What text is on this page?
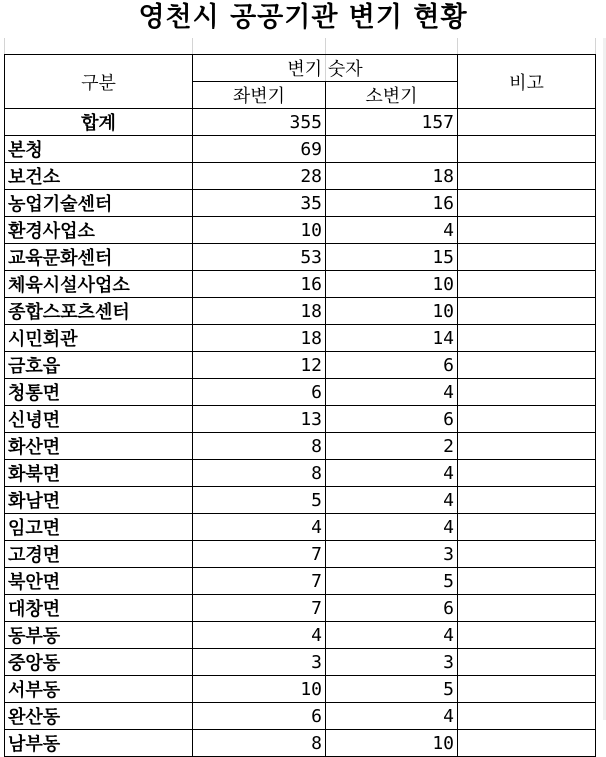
영천시 공공기관 변기 현황
구분	변기 숫자		비고
	좌변기	소변기	
합계	355	157	
본청	69		
보건소	28	18	
농업기술센터	35	16	
환경사업소	10	4	
교육문화센터	53	15	
체육시설사업소	16	10	
종합스포츠센터	18	10	
시민회관	18	14	
금호읍	12	6	
청통면	6	4	
신녕면	13	6	
화산면	8	2	
화북면	8	4	
화남면	5	4	
임고면	4	4	
고경면	7	3	
북안면	7	5	
대창면	7	6	
동부동	4	4	
중앙동	3	3	
서부동	10	5	
완산동	6	4	
남부동	8	10	
